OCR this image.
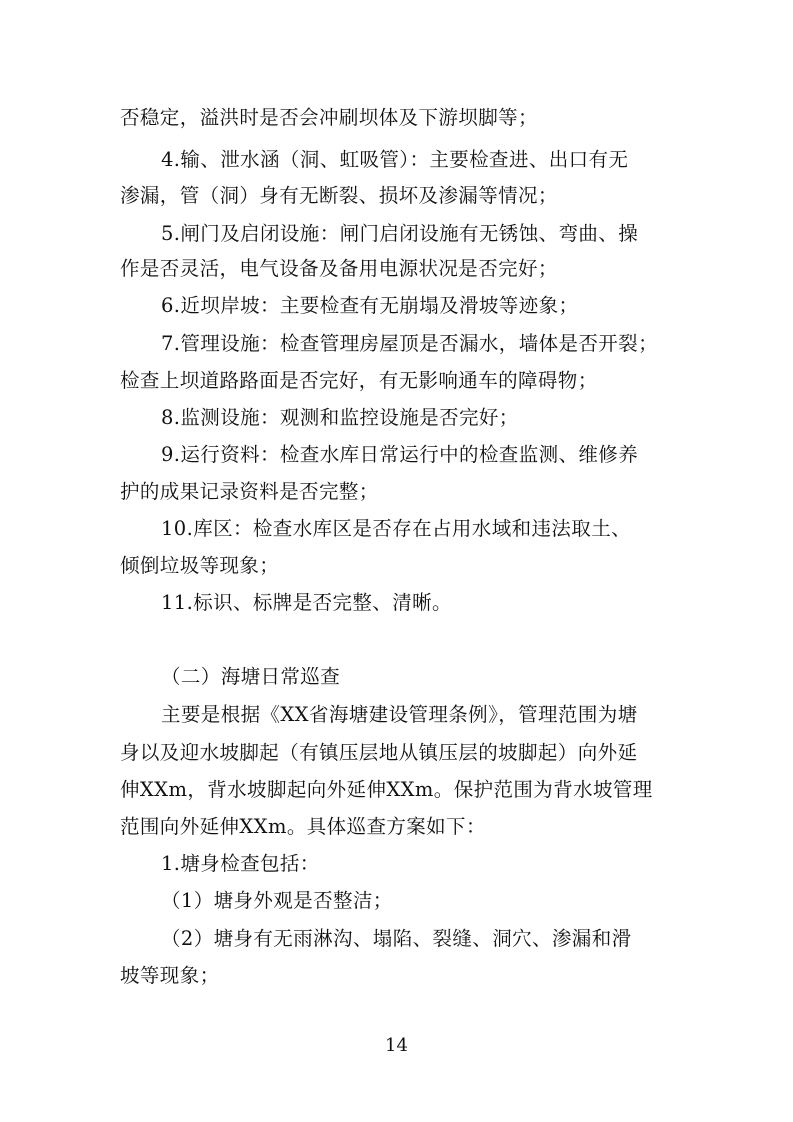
否稳定，溢洪时是否会冲刷坝体及下游坝脚等；
4.输、泄水涵（洞、虹吸管）：主要检查进、出口有无
渗漏，管（洞）身有无断裂、损坏及渗漏等情况；
5.闸门及启闭设施：闸门启闭设施有无锈蚀、弯曲、操
作是否灵活，电气设备及备用电源状况是否完好；
6.近坝岸坡：主要检查有无崩塌及滑坡等迹象；
7.管理设施：检查管理房屋顶是否漏水，墙体是否开裂；
检查上坝道路路面是否完好，有无影响通车的障碍物；
8.监测设施：观测和监控设施是否完好；
9.运行资料：检查水库日常运行中的检查监测、维修养
护的成果记录资料是否完整；
10.库区：检查水库区是否存在占用水域和违法取土、
倾倒垃圾等现象；
11.标识、标牌是否完整、清晰。
（二）海塘日常巡查
主要是根据《XX省海塘建设管理条例》，管理范围为塘
身以及迎水坡脚起（有镇压层地从镇压层的坡脚起）向外延
伸XXm，背水坡脚起向外延伸XXm。保护范围为背水坡管理
范围向外延伸XXm。具体巡查方案如下：
1.塘身检查包括：
（1）塘身外观是否整洁；
（2）塘身有无雨淋沟、塌陷、裂缝、洞穴、渗漏和滑
坡等现象；
14
